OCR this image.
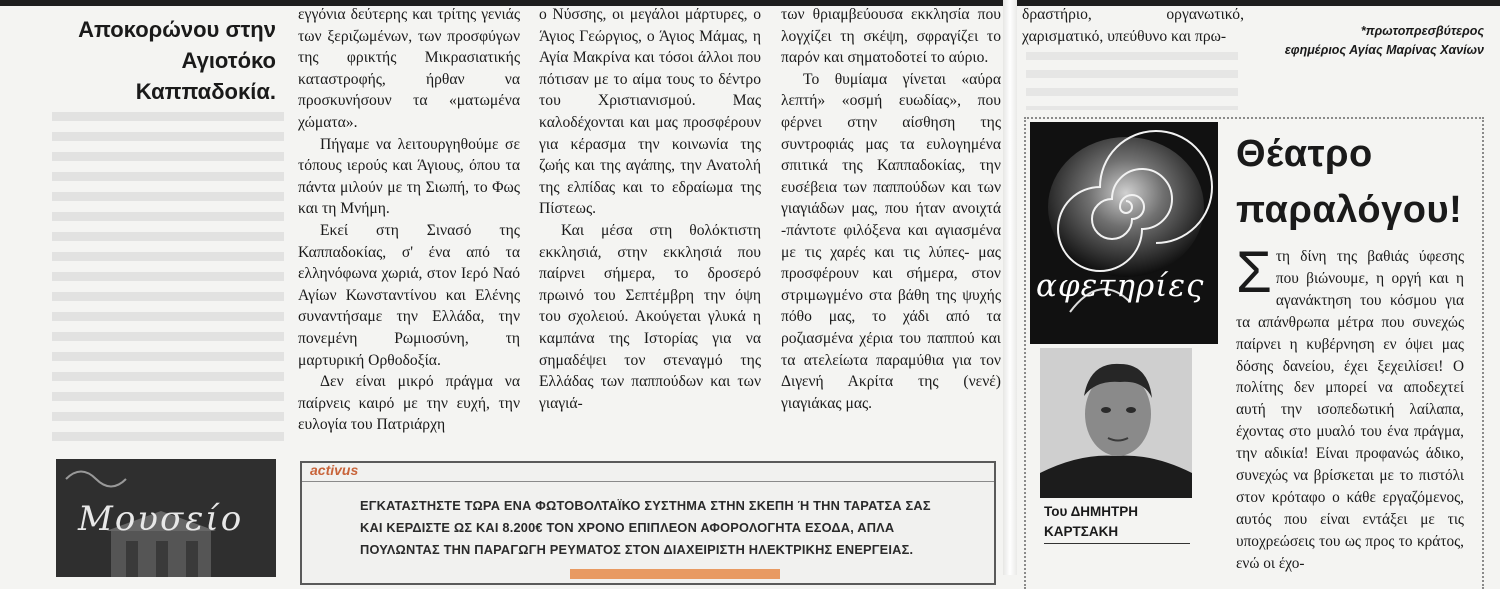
Αποκορώνου στην
Αγιοτόκο
Καππαδοκία.
Μουσείο

εγγόνια δεύτερης και τρίτης γενιάς των ξεριζωμένων, των προσφύγων της φρικτής Μικρασιατικής καταστροφής, ήρθαν να προσκυνήσουν τα «ματωμένα χώματα».

Πήγαμε να λειτουργηθούμε σε τόπους ιερούς και Άγιους, όπου τα πάντα μιλούν με τη Σιωπή, το Φως και τη Μνήμη.

Εκεί στη Σινασό της Καππαδοκίας, σ' ένα από τα ελληνόφωνα χωριά, στον Ιερό Ναό Αγίων Κωνσταντίνου και Ελένης συναντήσαμε την Ελλάδα, την πονεμένη Ρωμιοσύνη, τη μαρτυρική Ορθοδοξία.

Δεν είναι μικρό πράγμα να παίρνεις καιρό με την ευχή, την ευλογία του Πατριάρχη

ο Νύσσης, οι μεγάλοι μάρτυρες, ο Άγιος Γεώργιος, ο Άγιος Μάμας, η Αγία Μακρίνα και τόσοι άλλοι που πότισαν με το αίμα τους το δέντρο του Χριστιανισμού. Μας καλοδέχονται και μας προσφέρουν για κέρασμα την κοινωνία της ζωής και της αγάπης, την Ανατολή της ελπίδας και το εδραίωμα της Πίστεως.

Και μέσα στη θολόκτιστη εκκλησιά, στην εκκλησιά που παίρνει σήμερα, το δροσερό πρωινό του Σεπτέμβρη την όψη του σχολειού. Ακούγεται γλυκά η καμπάνα της Ιστορίας για να σημαδέψει τον στεναγμό της Ελλάδας των παππούδων και των γιαγιά-

των θριαμβεύουσα εκκλησία που λογχίζει τη σκέψη, σφραγίζει το παρόν και σηματοδοτεί το αύριο.

Το θυμίαμα γίνεται «αύρα λεπτή» «οσμή ευωδίας», που φέρνει στην αίσθηση της συντροφιάς μας τα ευλογημένα σπιτικά της Καππαδοκίας, την ευσέβεια των παππούδων και των γιαγιάδων μας, που ήταν ανοιχτά -πάντοτε φιλόξενα και αγιασμένα με τις χαρές και τις λύπες- μας προσφέρουν και σήμερα, στον στριμωγμένο στα βάθη της ψυχής πόθο μας, το χάδι από τα ροζιασμένα χέρια του παππού και τα ατελείωτα παραμύθια για τον Διγενή Ακρίτα της (νενέ) γιαγιάκας μας.

δραστήριο, οργανωτικό, χαρισματικό, υπεύθυνο και πρω-	*πρωτοπρεσβύτερος
εφημέριος Αγίας Μαρίνας Χανίων
αφετηρίες
Του ΔΗΜΗΤΡΗ
ΚΑΡΤΣΑΚΗ
Θέατρο
παραλόγου!
Σ τη δίνη της βαθιάς ύφεσης που βιώνουμε, η οργή και η αγανάκτηση του κόσμου για τα απάνθρωπα μέτρα που συνεχώς παίρνει η κυβέρνηση εν όψει μας δόσης δανείου, έχει ξεχειλίσει! Ο πολίτης δεν μπορεί να αποδεχτεί αυτή την ισοπεδωτική λαίλαπα, έχοντας στο μυαλό του ένα πράγμα, την αδικία! Είναι προφανώς άδικο, συνεχώς να βρίσκεται με το πιστόλι στον κρόταφο ο κάθε εργαζόμενος, αυτός που είναι εντάξει με τις υποχρεώσεις του ως προς το κράτος, ενώ οι έχο-
activus
ΕΓΚΑΤΑΣΤΗΣΤΕ ΤΩΡΑ ΕΝΑ ΦΩΤΟΒΟΛΤΑΪΚΟ ΣΥΣΤΗΜΑ ΣΤΗΝ ΣΚΕΠΗ Ή ΤΗΝ ΤΑΡΑΤΣΑ ΣΑΣ
ΚΑΙ ΚΕΡΔΙΣΤΕ ΩΣ ΚΑΙ 8.200€ ΤΟΝ ΧΡΟΝΟ ΕΠΙΠΛΕΟΝ ΑΦΟΡΟΛΟΓΗΤΑ ΕΣΟΔΑ, ΑΠΛΑ
ΠΟΥΛΩΝΤΑΣ ΤΗΝ ΠΑΡΑΓΩΓΗ ΡΕΥΜΑΤΟΣ ΣΤΟΝ ΔΙΑΧΕΙΡΙΣΤΗ ΗΛΕΚΤΡΙΚΗΣ ΕΝΕΡΓΕΙΑΣ.
